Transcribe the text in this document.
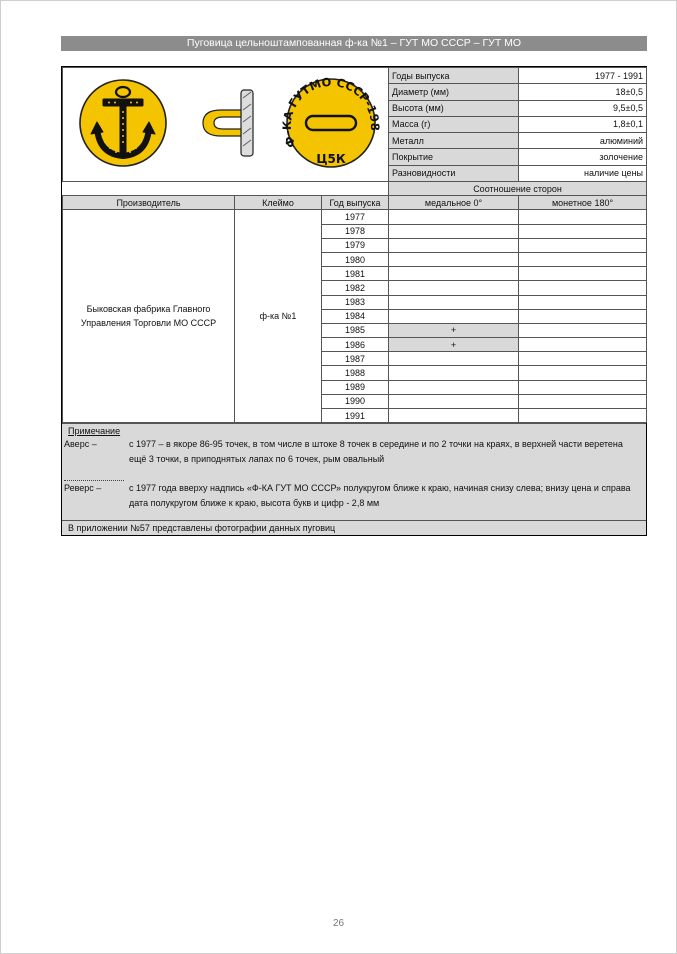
Пуговица цельноштампованная ф-ка №1 – ГУТ МО СССР – ГУТ МО
Ф-КА ГУТМО СССР-198
Ц5К			Годы выпуска	1977 - 1991
			Диаметр (мм)	18±0,5
			Высота (мм)	9,5±0,5
			Масса (г)	1,8±0,1
			Металл	алюминий
			Покрытие	золочение
			Разновидности	наличие цены
			Соотношение сторон	
Производитель	Клеймо	Год выпуска	медальное 0°	монетное 180°
Быковская фабрика Главного Управления Торговли МО СССР	ф-ка №1	1977		
		1978		
		1979		
		1980		
		1981		
		1982		
		1983		
		1984		
		1985	+	
		1986	+	
		1987		
		1988		
		1989		
		1990		
		1991		
Примечание
Аверс –	с 1977 – в якоре 86-95 точек, в том числе в штоке 8 точек в середине и по 2 точки на краях, в верхней части веретена ещё 3 точки, в приподнятых лапах по 6 точек, рым овальный
Реверс –	с 1977 года вверху надпись «Ф-КА ГУТ МО СССР» полукругом ближе к краю, начиная снизу слева; внизу цена и справа дата полукругом ближе к краю, высота букв и цифр - 2,8 мм
В приложении №57 представлены фотографии данных пуговиц
26
